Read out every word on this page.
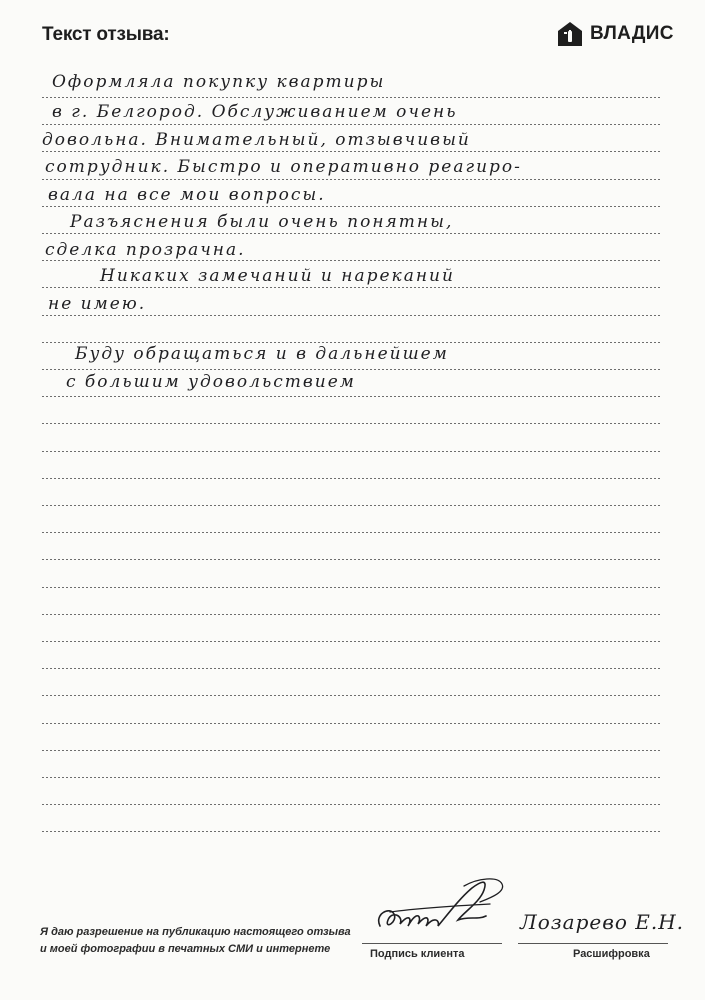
Текст отзыва:	ВЛАДИС
Оформляла покупку квартиры
в г. Белгород. Обслуживанием очень
довольна. Внимательный, отзывчивый
сотрудник. Быстро и оперативно реагиро-
вала на все мои вопросы.
Разъяснения были очень понятны,
сделка прозрачна.
Никаких замечаний и нареканий
не имею.
Буду обращаться и в дальнейшем
с большим удовольствием
Лозарево Е.Н.
Я даю разрешение на публикацию настоящего отзыва
и моей фотографии в печатных СМИ и интернете	Подпись клиента	Расшифровка
